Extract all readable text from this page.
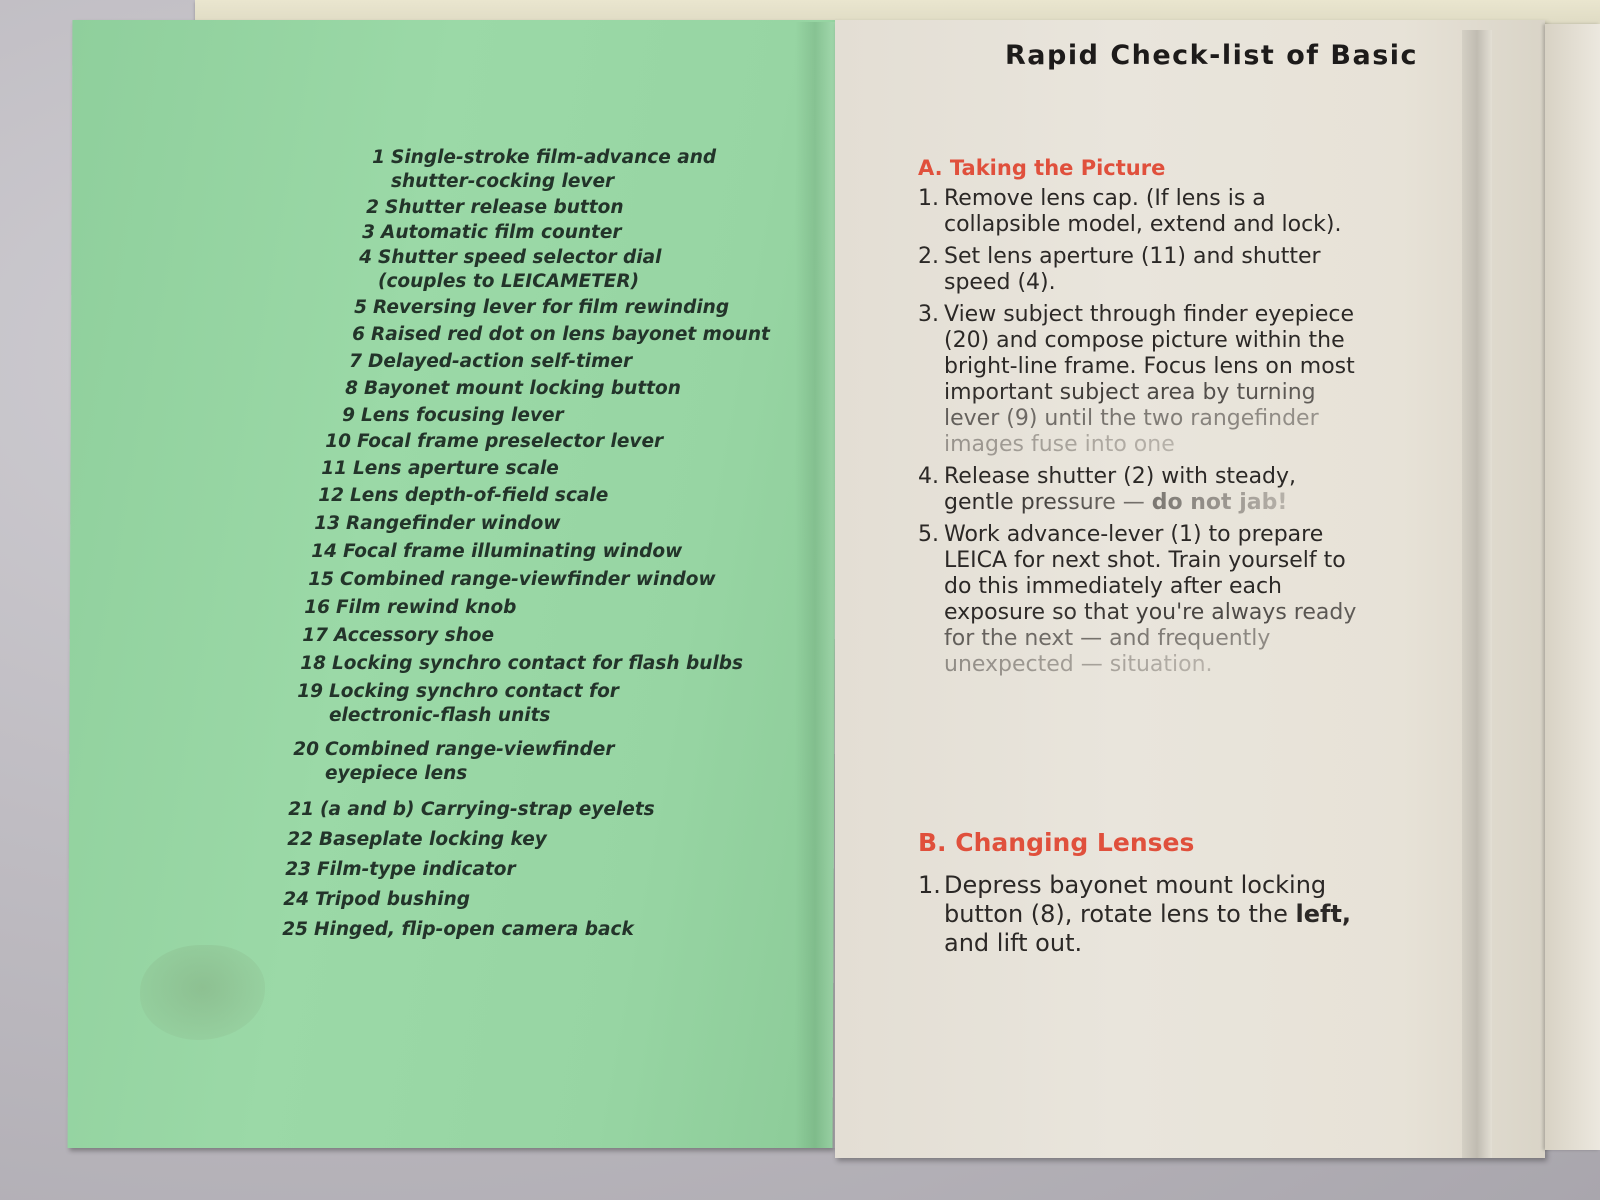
Rapid Check-list of Basic
1 Single-stroke film-advance and
shutter-cocking lever
2 Shutter release button
3 Automatic film counter
4 Shutter speed selector dial
(couples to LEICAMETER)
5 Reversing lever for film rewinding
6 Raised red dot on lens bayonet mount
7 Delayed-action self-timer
8 Bayonet mount locking button
9 Lens focusing lever
10 Focal frame preselector lever
11 Lens aperture scale
12 Lens depth-of-field scale
13 Rangefinder window
14 Focal frame illuminating window
15 Combined range-viewfinder window
16 Film rewind knob
17 Accessory shoe
18 Locking synchro contact for flash bulbs
19 Locking synchro contact for
electronic-flash units
20 Combined range-viewfinder
eyepiece lens
21 (a and b) Carrying-strap eyelets
22 Baseplate locking key
23 Film-type indicator
24 Tripod bushing
25 Hinged, flip-open camera back
A. Taking the Picture
1. Remove lens cap. (If lens is a collapsible model, extend and lock).
2. Set lens aperture (11) and shutter speed (4).
3. View subject through finder eyepiece (20) and compose picture within the bright-line frame. Focus lens on most important subject area by turning lever (9) until the two rangefinder images fuse into one
4. Release shutter (2) with steady, gentle pressure — do not jab!
5. Work advance-lever (1) to prepare LEICA for next shot. Train yourself to do this immediately after each exposure so that you're always ready for the next — and frequently unexpected — situation.
B. Changing Lenses
1. Depress bayonet mount locking button (8), rotate lens to the left, and lift out.
